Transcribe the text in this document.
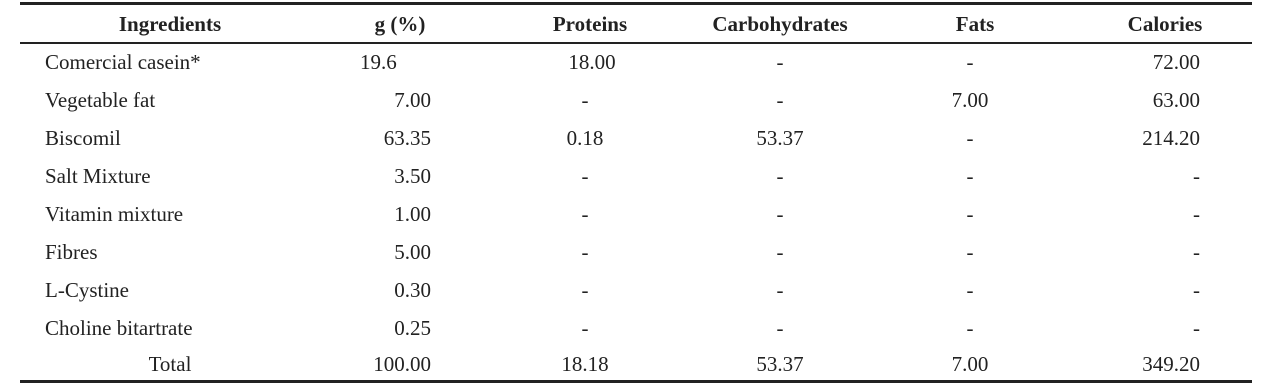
Ingredients	g (%)	Proteins	Carbohydrates	Fats	Calories
Comercial casein*	19.6	18.00	-	-	72.00
Vegetable fat	7.00	-	-	7.00	63.00
Biscomil	63.35	0.18	53.37	-	214.20
Salt Mixture	3.50	-	-	-	-
Vitamin mixture	1.00	-	-	-	-
Fibres	5.00	-	-	-	-
L-Cystine	0.30	-	-	-	-
Choline bitartrate	0.25	-	-	-	-
Total	100.00	18.18	53.37	7.00	349.20
